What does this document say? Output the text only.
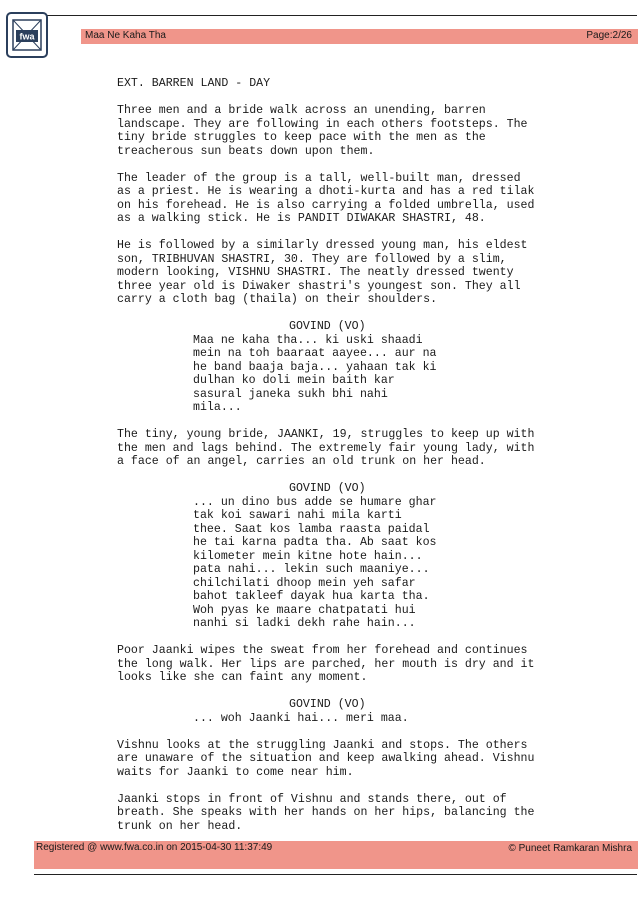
fwa	Maa Ne Kaha Tha	Page:2/26
EXT. BARREN LAND - DAY
Three men and a bride walk across an unending, barren
landscape. They are following in each others footsteps. The
tiny bride struggles to keep pace with the men as the
treacherous sun beats down upon them.
The leader of the group is a tall, well-built man, dressed
as a priest. He is wearing a dhoti-kurta and has a red tilak
on his forehead. He is also carrying a folded umbrella, used
as a walking stick. He is PANDIT DIWAKAR SHASTRI, 48.
He is followed by a similarly dressed young man, his eldest
son, TRIBHUVAN SHASTRI, 30. They are followed by a slim,
modern looking, VISHNU SHASTRI. The neatly dressed twenty
three year old is Diwaker shastri's youngest son. They all
carry a cloth bag (thaila) on their shoulders.
GOVIND (VO)
Maa ne kaha tha... ki uski shaadi
mein na toh baaraat aayee... aur na
he band baaja baja... yahaan tak ki
dulhan ko doli mein baith kar
sasural janeka sukh bhi nahi
mila...
The tiny, young bride, JAANKI, 19, struggles to keep up with
the men and lags behind. The extremely fair young lady, with
a face of an angel, carries an old trunk on her head.
GOVIND (VO)
... un dino bus adde se humare ghar
tak koi sawari nahi mila karti
thee. Saat kos lamba raasta paidal
he tai karna padta tha. Ab saat kos
kilometer mein kitne hote hain...
pata nahi... lekin such maaniye...
chilchilati dhoop mein yeh safar
bahot takleef dayak hua karta tha.
Woh pyas ke maare chatpatati hui
nanhi si ladki dekh rahe hain...
Poor Jaanki wipes the sweat from her forehead and continues
the long walk. Her lips are parched, her mouth is dry and it
looks like she can faint any moment.
GOVIND (VO)
... woh Jaanki hai... meri maa.
Vishnu looks at the struggling Jaanki and stops. The others
are unaware of the situation and keep awalking ahead. Vishnu
waits for Jaanki to come near him.
Jaanki stops in front of Vishnu and stands there, out of
breath. She speaks with her hands on her hips, balancing the
trunk on her head.
Registered @ www.fwa.co.in on 2015-04-30 11:37:49	© Puneet Ramkaran Mishra
